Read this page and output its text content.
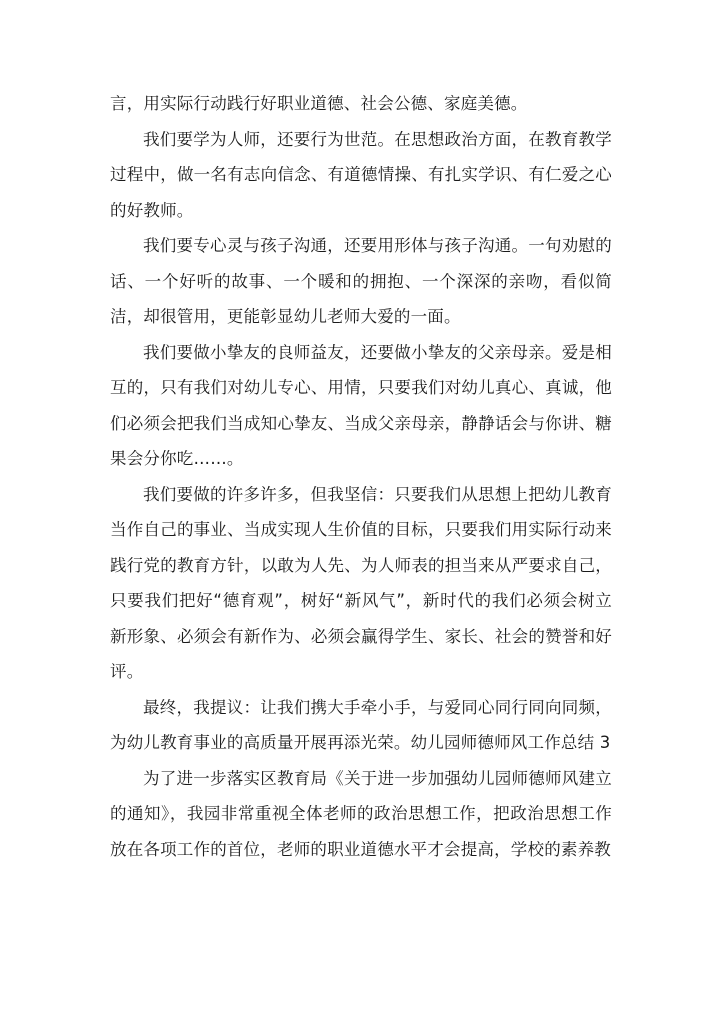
言，用实际行动践行好职业道德、社会公德、家庭美德。

我们要学为人师，还要行为世范。在思想政治方面，在教育教学过程中，做一名有志向信念、有道德情操、有扎实学识、有仁爱之心的好教师。

我们要专心灵与孩子沟通，还要用形体与孩子沟通。一句劝慰的话、一个好听的故事、一个暖和的拥抱、一个深深的亲吻，看似简洁，却很管用，更能彰显幼儿老师大爱的一面。

我们要做小挚友的良师益友，还要做小挚友的父亲母亲。爱是相互的，只有我们对幼儿专心、用情，只要我们对幼儿真心、真诚，他们必须会把我们当成知心挚友、当成父亲母亲，静静话会与你讲、糖果会分你吃……。

我们要做的许多许多，但我坚信：只要我们从思想上把幼儿教育当作自己的事业、当成实现人生价值的目标，只要我们用实际行动来践行党的教育方针，以敢为人先、为人师表的担当来从严要求自己，只要我们把好“德育观”，树好“新风气”，新时代的我们必须会树立新形象、必须会有新作为、必须会赢得学生、家长、社会的赞誉和好评。

最终，我提议：让我们携大手牵小手，与爱同心同行同向同频，为幼儿教育事业的高质量开展再添光荣。幼儿园师德师风工作总结 3

为了进一步落实区教育局《关于进一步加强幼儿园师德师风建立的通知》，我园非常重视全体老师的政治思想工作，把政治思想工作放在各项工作的首位，老师的职业道德水平才会提高，学校的素养教
